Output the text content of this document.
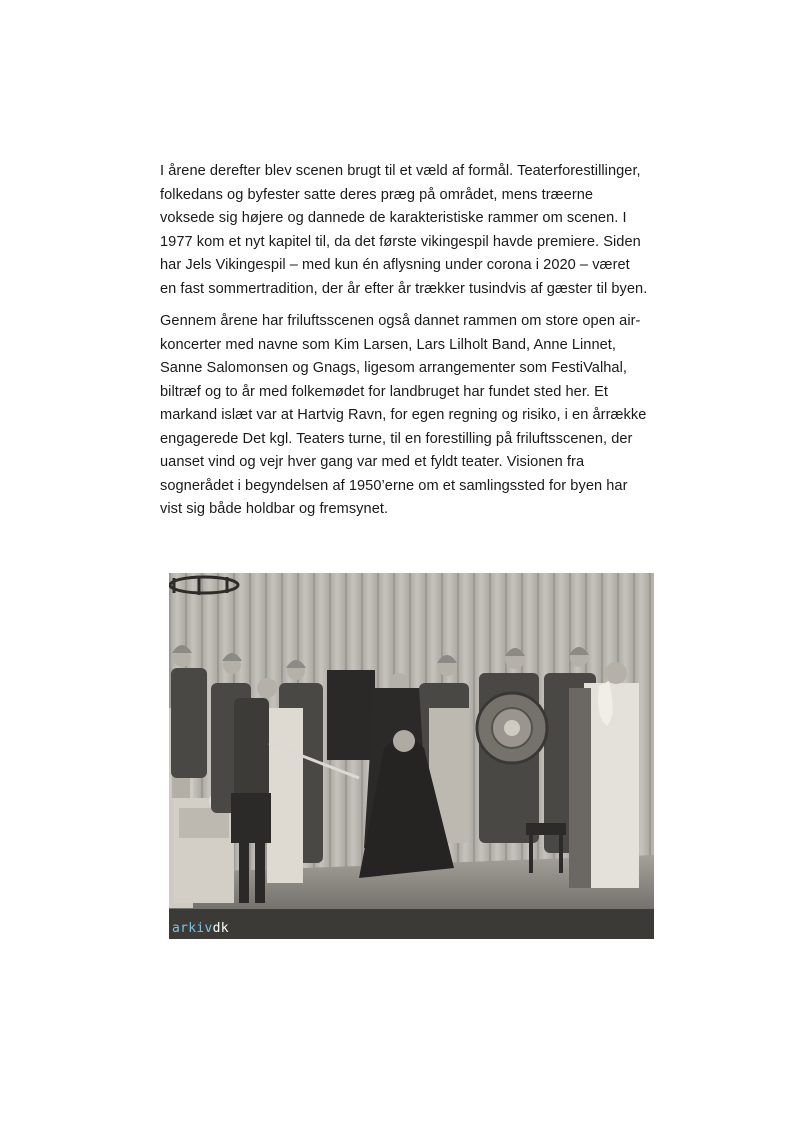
I årene derefter blev scenen brugt til et væld af formål. Teaterforestillinger, folkedans og byfester satte deres præg på området, mens træerne voksede sig højere og dannede de karakteristiske rammer om scenen. I 1977 kom et nyt kapitel til, da det første vikingespil havde premiere. Siden har Jels Vikingespil – med kun én aflysning under corona i 2020 – været en fast sommertradition, der år efter år trækker tusindvis af gæster til byen.

Gennem årene har friluftsscenen også dannet rammen om store open air-koncerter med navne som Kim Larsen, Lars Lilholt Band, Anne Linnet, Sanne Salomonsen og Gnags, ligesom arrangementer som FestiValhal, biltræf og to år med folkemødet for landbruget har fundet sted her. Et markand islæt var at Hartvig Ravn, for egen regning og risiko, i en årrække engagerede Det kgl. Teaters turne, til en forestilling på friluftsscenen, der uanset vind og vejr hver gang var med et fyldt teater. Visionen fra sognerådet i begyndelsen af 1950’erne om et samlingssted for byen har vist sig både holdbar og fremsynet.

arkivdk
